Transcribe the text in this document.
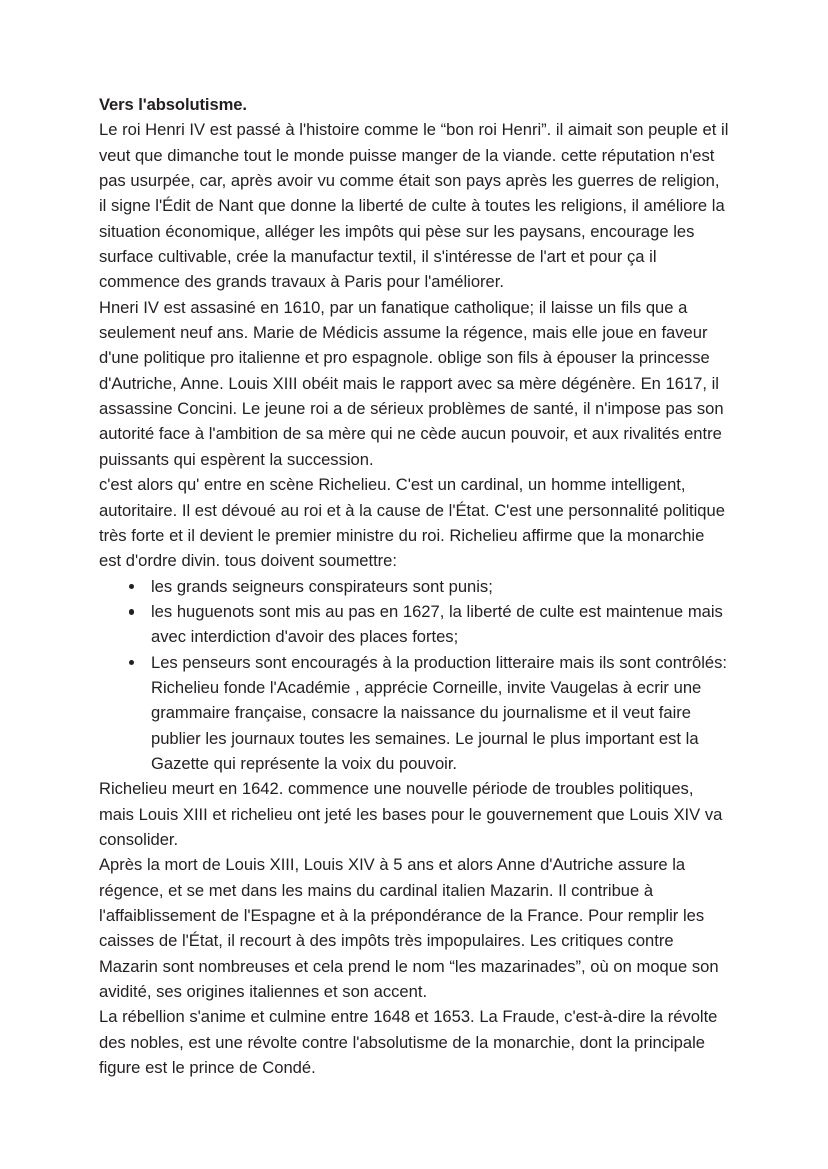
Vers l'absolutisme.

Le roi Henri IV est passé à l'histoire comme le “bon roi Henri”. il aimait son peuple et il veut que dimanche tout le monde puisse manger de la viande. cette réputation n'est pas usurpée, car, après avoir vu comme était son pays après les guerres de religion, il signe l'Édit de Nant que donne la liberté de culte à toutes les religions, il améliore la situation économique, alléger les impôts qui pèse sur les paysans, encourage les surface cultivable, crée la manufactur textil, il s'intéresse de l'art et pour ça il commence des grands travaux à Paris pour l'améliorer.

Hneri IV est assasiné en 1610, par un fanatique catholique; il laisse un fils que a seulement neuf ans. Marie de Médicis assume la régence, mais elle joue en faveur d'une politique pro italienne et pro espagnole. oblige son fils à épouser la princesse d'Autriche, Anne. Louis XIII obéit mais le rapport avec sa mère dégénère. En 1617, il assassine Concini. Le jeune roi a de sérieux problèmes de santé, il n'impose pas son autorité face à l'ambition de sa mère qui ne cède aucun pouvoir, et aux rivalités entre puissants qui espèrent la succession.

c'est alors qu' entre en scène Richelieu. C'est un cardinal, un homme intelligent, autoritaire. Il est dévoué au roi et à la cause de l'État. C'est une personnalité politique très forte et il devient le premier ministre du roi. Richelieu affirme que la monarchie est d'ordre divin. tous doivent soumettre:

les grands seigneurs conspirateurs sont punis;
les huguenots sont mis au pas en 1627, la liberté de culte est maintenue mais avec interdiction d'avoir des places fortes;
Les penseurs sont encouragés à la production litteraire mais ils sont contrôlés: Richelieu fonde l'Académie , apprécie Corneille, invite Vaugelas à ecrir une grammaire française, consacre la naissance du journalisme et il veut faire publier les journaux toutes les semaines. Le journal le plus important est la Gazette qui représente la voix du pouvoir.

Richelieu meurt en 1642. commence une nouvelle période de troubles politiques, mais Louis XIII et richelieu ont jeté les bases pour le gouvernement que Louis XIV va consolider.

Après la mort de Louis XIII, Louis XIV à 5 ans et alors Anne d'Autriche assure la régence, et se met dans les mains du cardinal italien Mazarin. Il contribue à l'affaiblissement de l'Espagne et à la prépondérance de la France. Pour remplir les caisses de l'État, il recourt à des impôts très impopulaires. Les critiques contre Mazarin sont nombreuses et cela prend le nom “les mazarinades”, où on moque son avidité, ses origines italiennes et son accent.

La rébellion s'anime et culmine entre 1648 et 1653. La Fraude, c'est-à-dire la révolte des nobles, est une révolte contre l'absolutisme de la monarchie, dont la principale figure est le prince de Condé.
